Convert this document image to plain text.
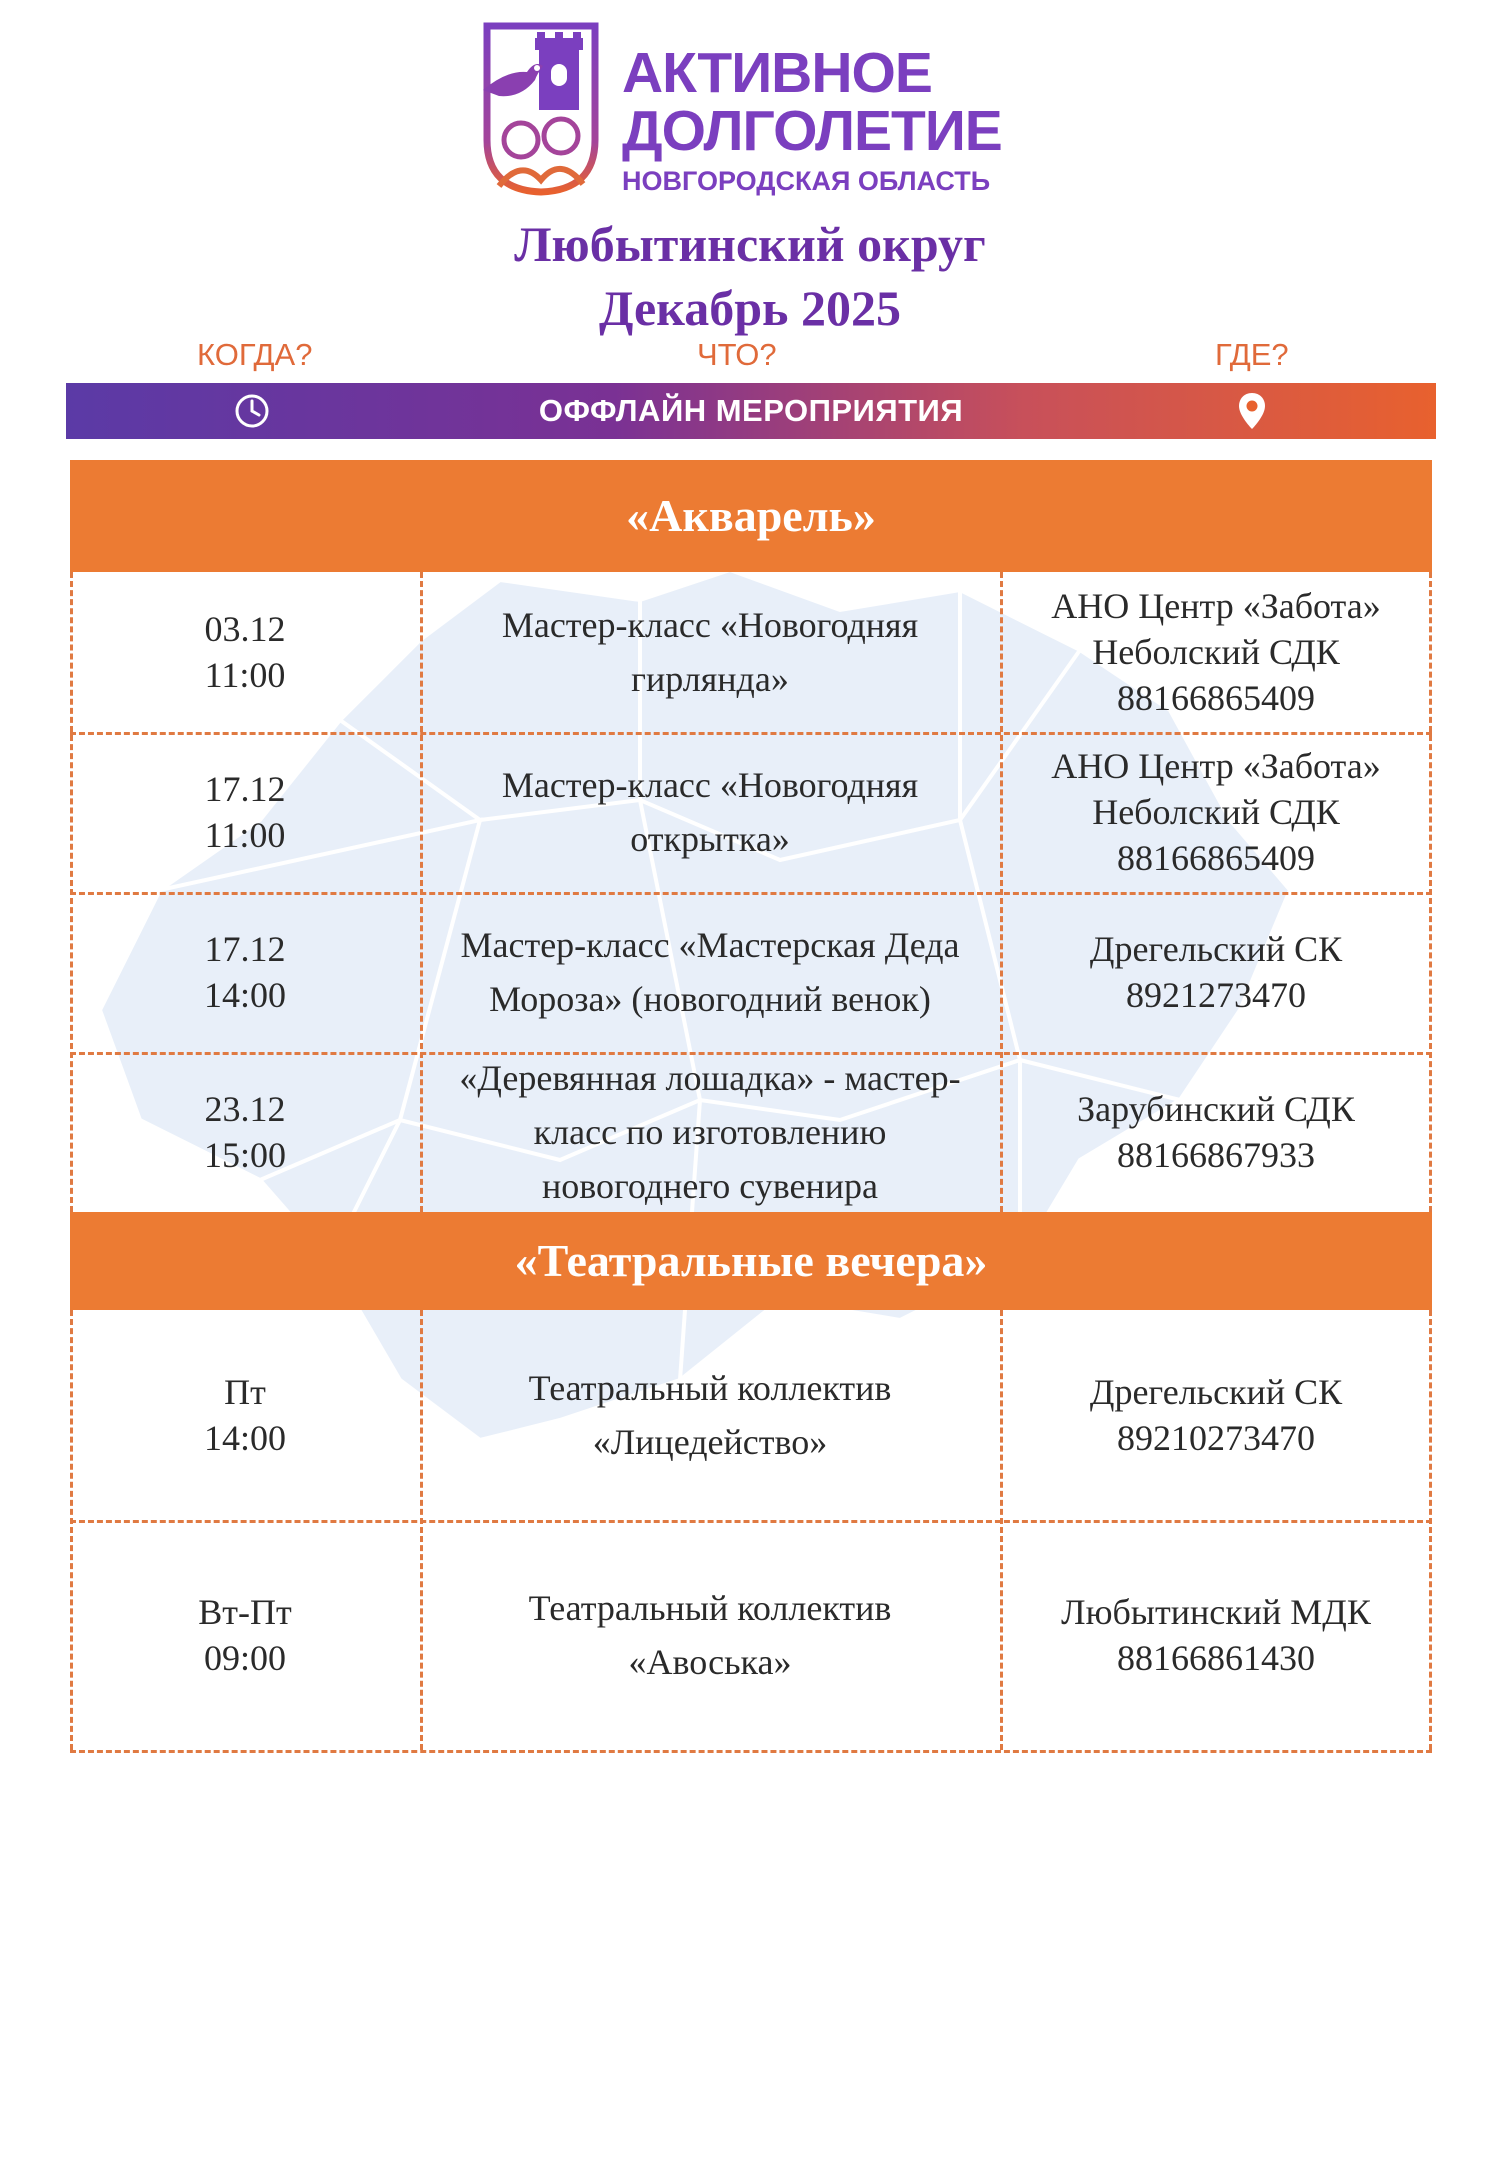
АКТИВНОЕ
ДОЛГОЛЕТИЕ
НОВГОРОДСКАЯ ОБЛАСТЬ
Любытинский округ
Декабрь 2025
КОГДА?	ЧТО?	ГДЕ?
ОФФЛАЙН МЕРОПРИЯТИЯ
«Акварель»
03.12
11:00
Мастер-класс «Новогодняя
гирлянда»
АНО Центр «Забота»
Неболский СДК
88166865409
17.12
11:00
Мастер-класс «Новогодняя
открытка»
АНО Центр «Забота»
Неболский СДК
88166865409
17.12
14:00
Мастер-класс «Мастерская Деда
Мороза» (новогодний венок)
Дрегельский СК
8921273470
23.12
15:00
«Деревянная лошадка» - мастер-
класс по изготовлению
новогоднего сувенира
Зарубинский СДК
88166867933
«Театральные вечера»
Пт
14:00
Театральный коллектив
«Лицедейство»
Дрегельский СК
89210273470
Вт-Пт
09:00
Театральный коллектив
«Авоська»
Любытинский МДК
88166861430
